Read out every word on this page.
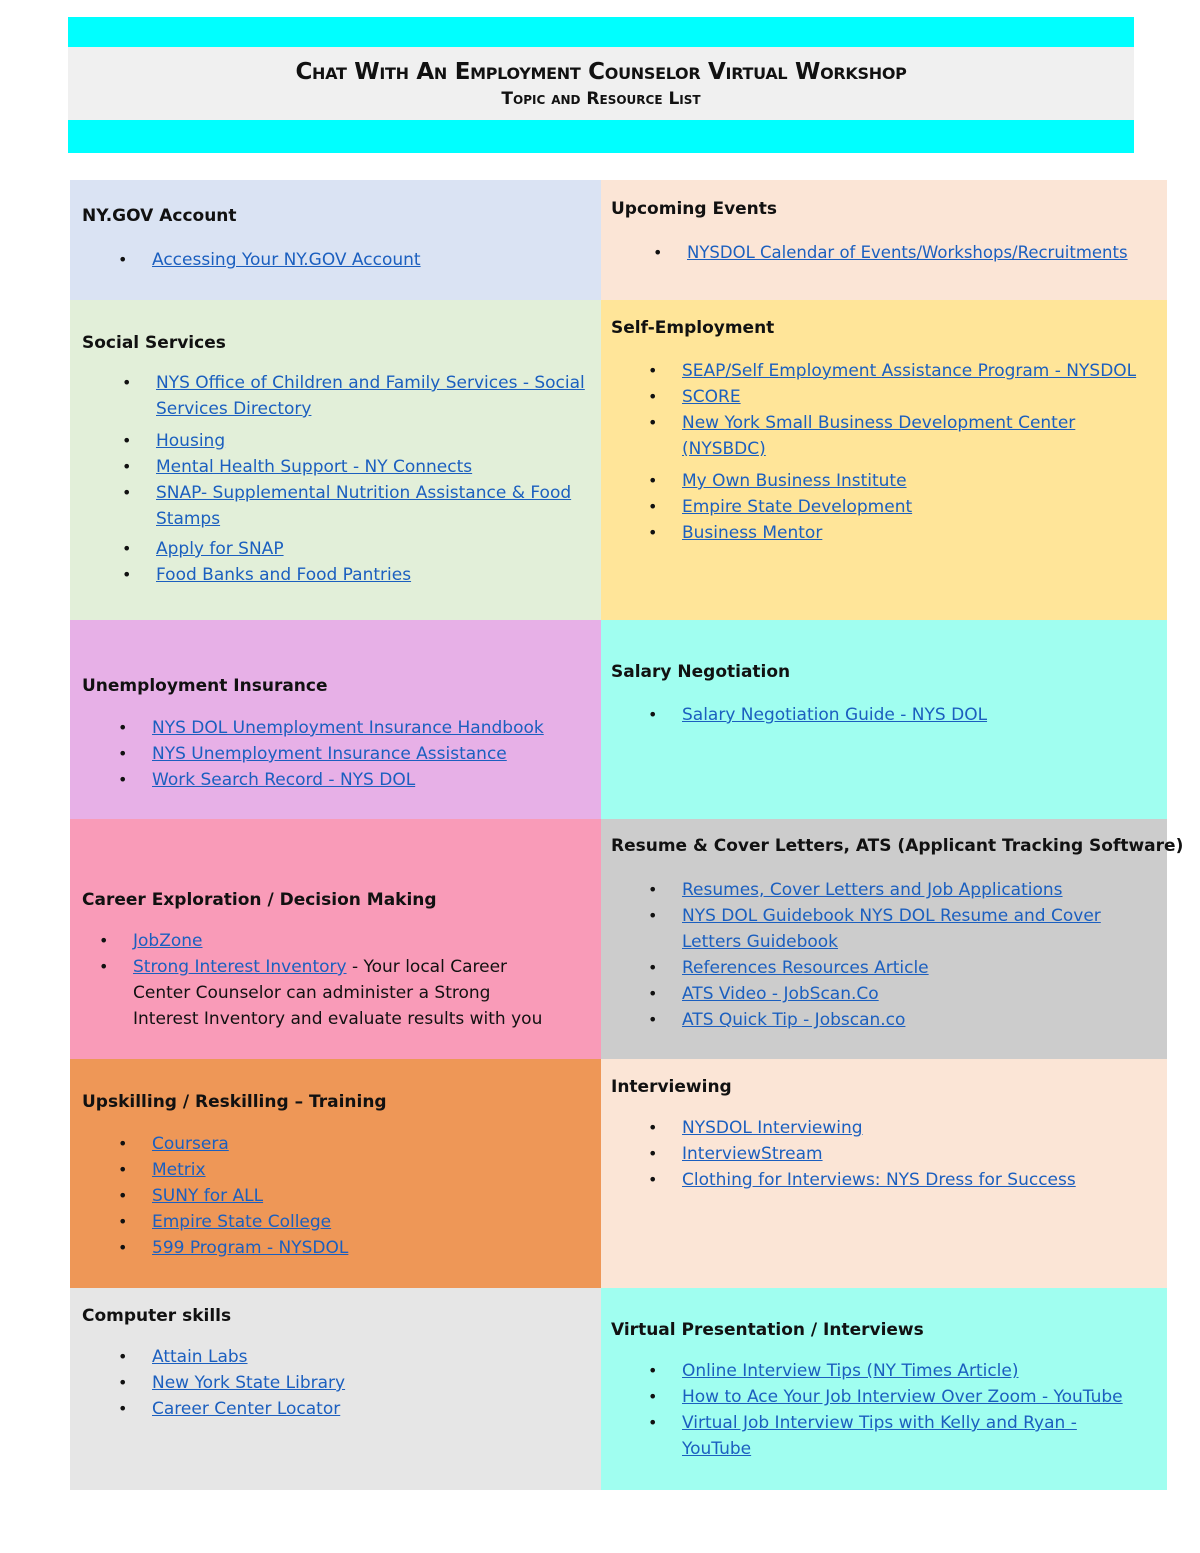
Chat With An Employment Counselor Virtual Workshop
Topic and Resource List
NY.GOV Account
• Accessing Your NY.GOV Account
Upcoming Events
• NYSDOL Calendar of Events/Workshops/Recruitments
Social Services
• NYS Office of Children and Family Services - Social Services Directory
• Housing
• Mental Health Support - NY Connects
• SNAP- Supplemental Nutrition Assistance & Food Stamps
• Apply for SNAP
• Food Banks and Food Pantries
Self-Employment
• SEAP/Self Employment Assistance Program - NYSDOL
• SCORE
• New York Small Business Development Center (NYSBDC)
• My Own Business Institute
• Empire State Development
• Business Mentor
Unemployment Insurance
• NYS DOL Unemployment Insurance Handbook
• NYS Unemployment Insurance Assistance
• Work Search Record - NYS DOL
Salary Negotiation
• Salary Negotiation Guide - NYS DOL
Career Exploration / Decision Making
• JobZone
• Strong Interest Inventory - Your local Career Center Counselor can administer a Strong Interest Inventory and evaluate results with you
Resume & Cover Letters, ATS (Applicant Tracking Software)
• Resumes, Cover Letters and Job Applications
• NYS DOL Guidebook NYS DOL Resume and Cover Letters Guidebook
• References Resources Article
• ATS Video - JobScan.Co
• ATS Quick Tip - Jobscan.co
Upskilling / Reskilling – Training
• Coursera
• Metrix
• SUNY for ALL
• Empire State College
• 599 Program - NYSDOL
Interviewing
• NYSDOL Interviewing
• InterviewStream
• Clothing for Interviews: NYS Dress for Success
Computer skills
• Attain Labs
• New York State Library
• Career Center Locator
Virtual Presentation / Interviews
• Online Interview Tips (NY Times Article)
• How to Ace Your Job Interview Over Zoom - YouTube
• Virtual Job Interview Tips with Kelly and Ryan - YouTube
